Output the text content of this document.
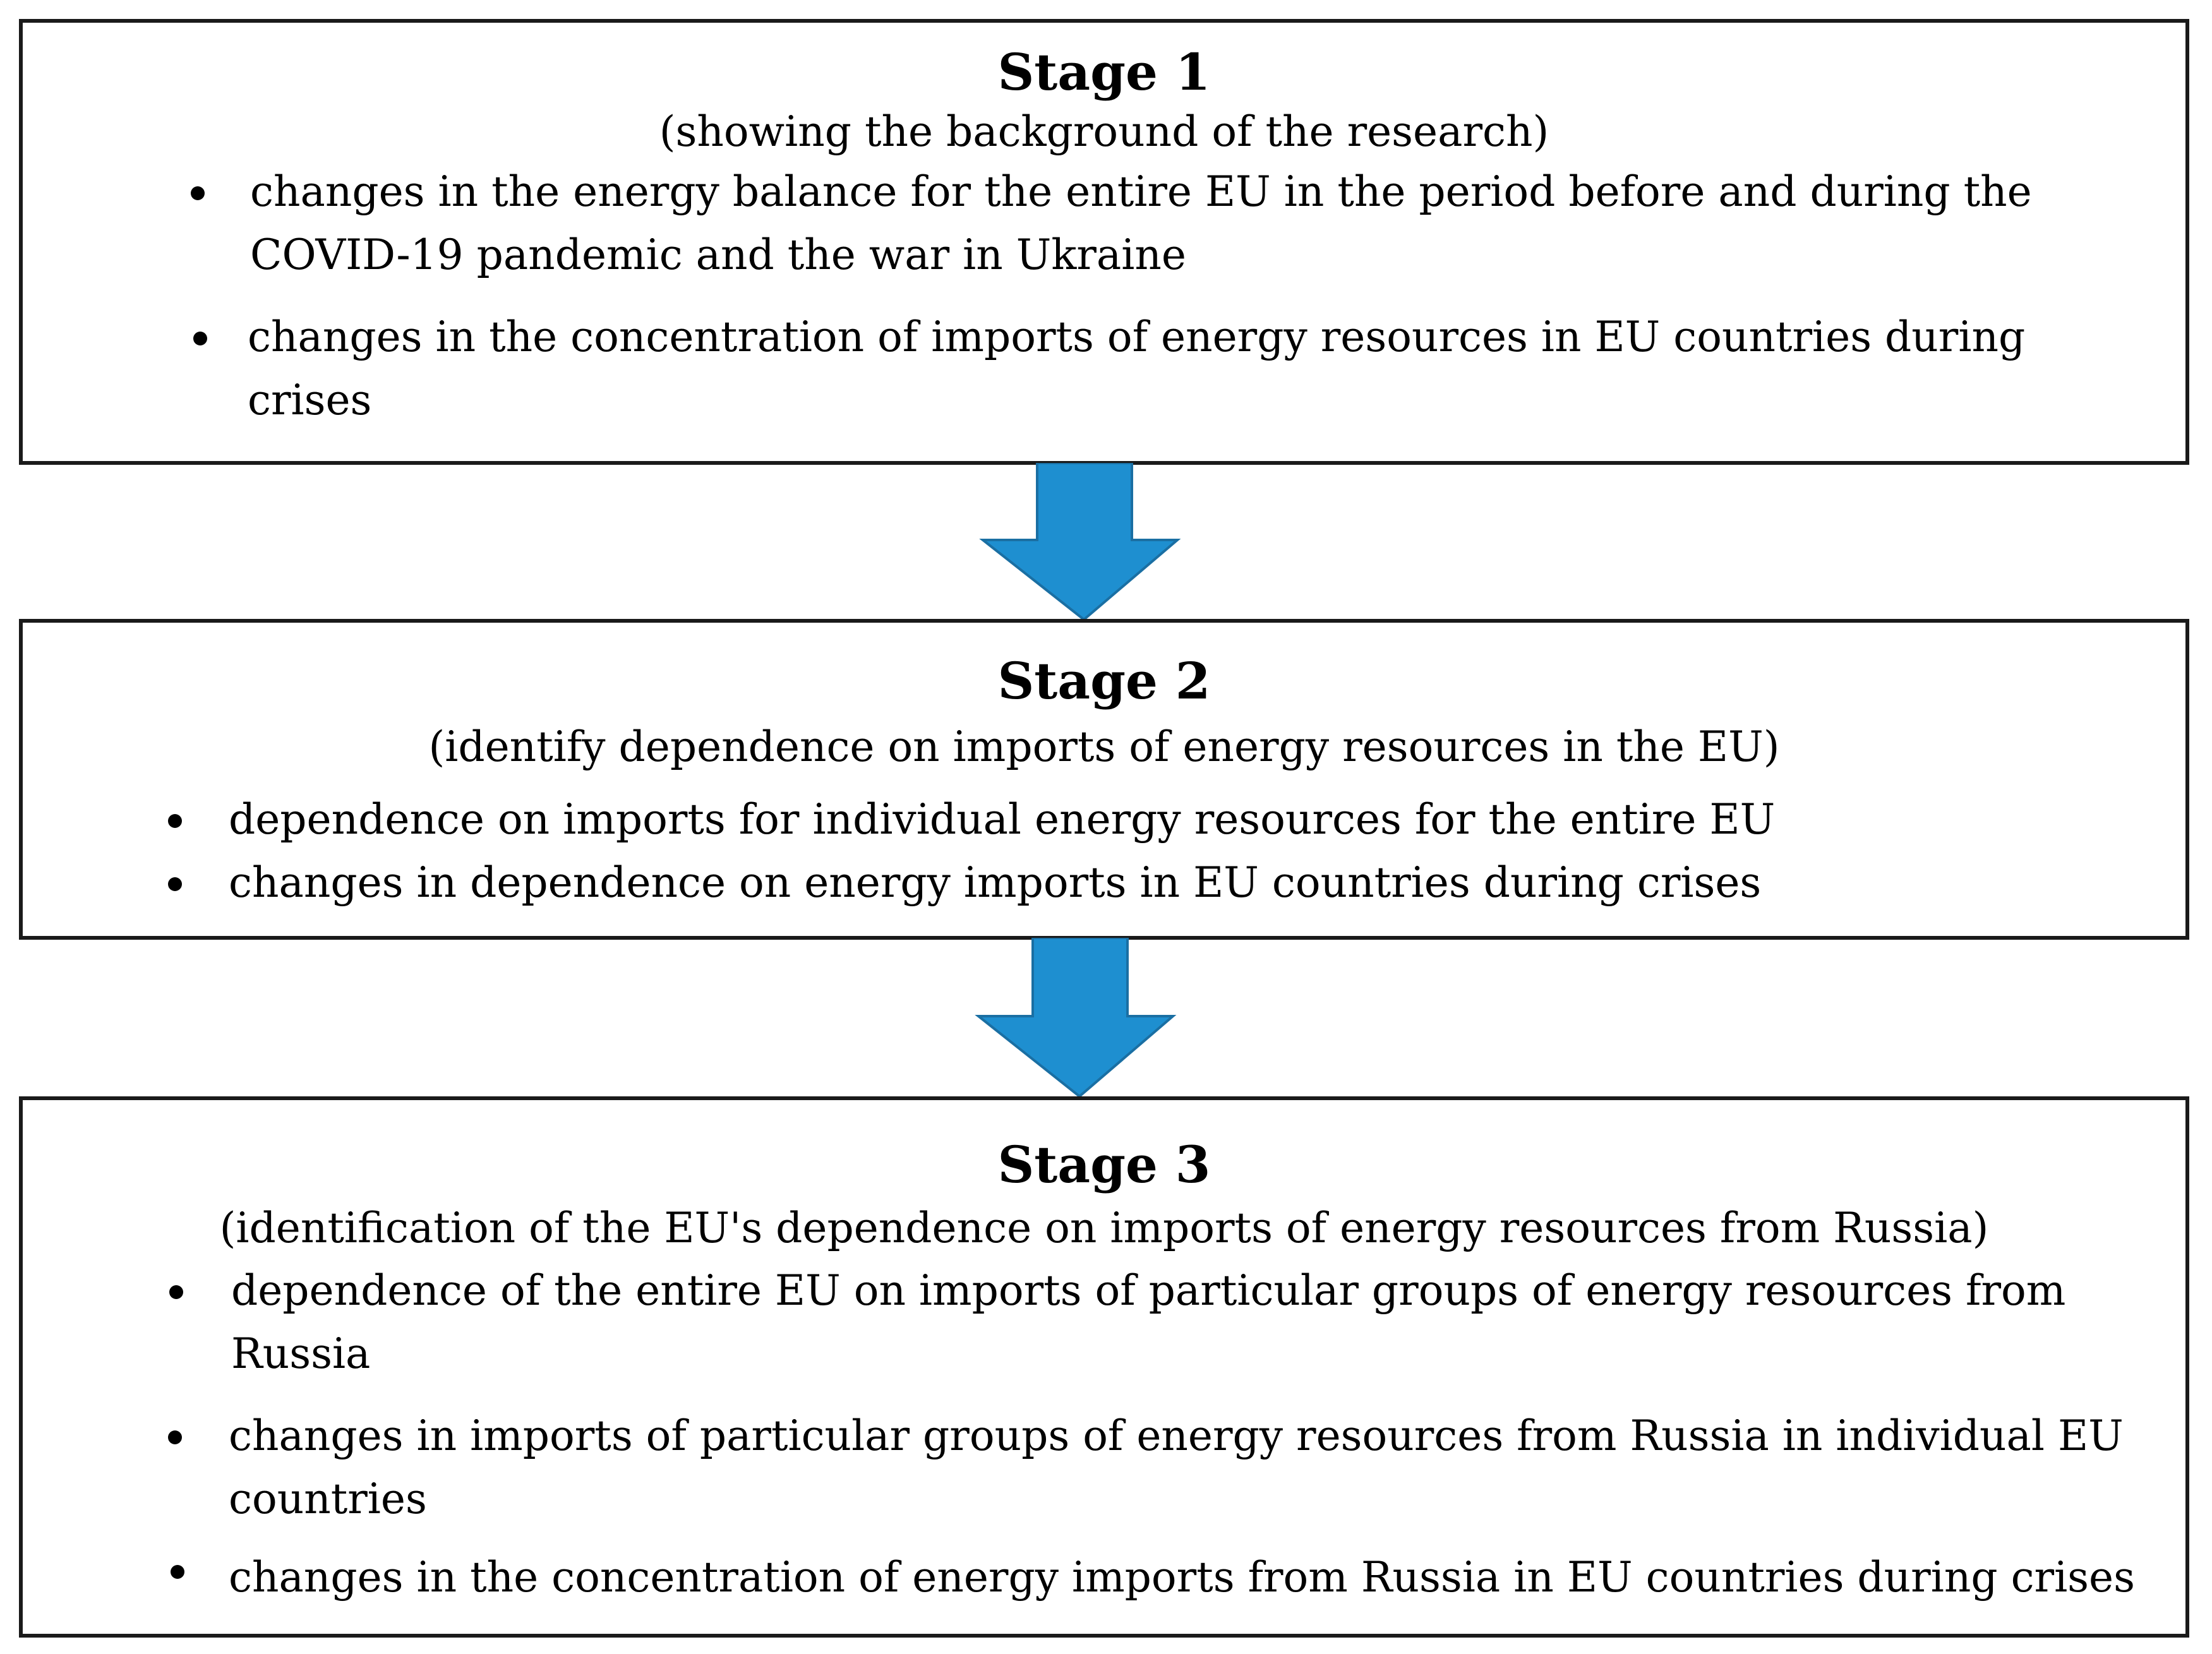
Stage 1
(showing the background of the research)
changes in the energy balance for the entire EU in the period before and during the COVID-19 pandemic and the war in Ukraine
changes in the concentration of imports of energy resources in EU countries during crises
Stage 2
(identify dependence on imports of energy resources in the EU)
dependence on imports for individual energy resources for the entire EU
changes in dependence on energy imports in EU countries during crises
Stage 3
(identification of the EU's dependence on imports of energy resources from Russia)
dependence of the entire EU on imports of particular groups of energy resources from Russia
changes in imports of particular groups of energy resources from Russia in individual EU countries
changes in the concentration of energy imports from Russia in EU countries during crises
